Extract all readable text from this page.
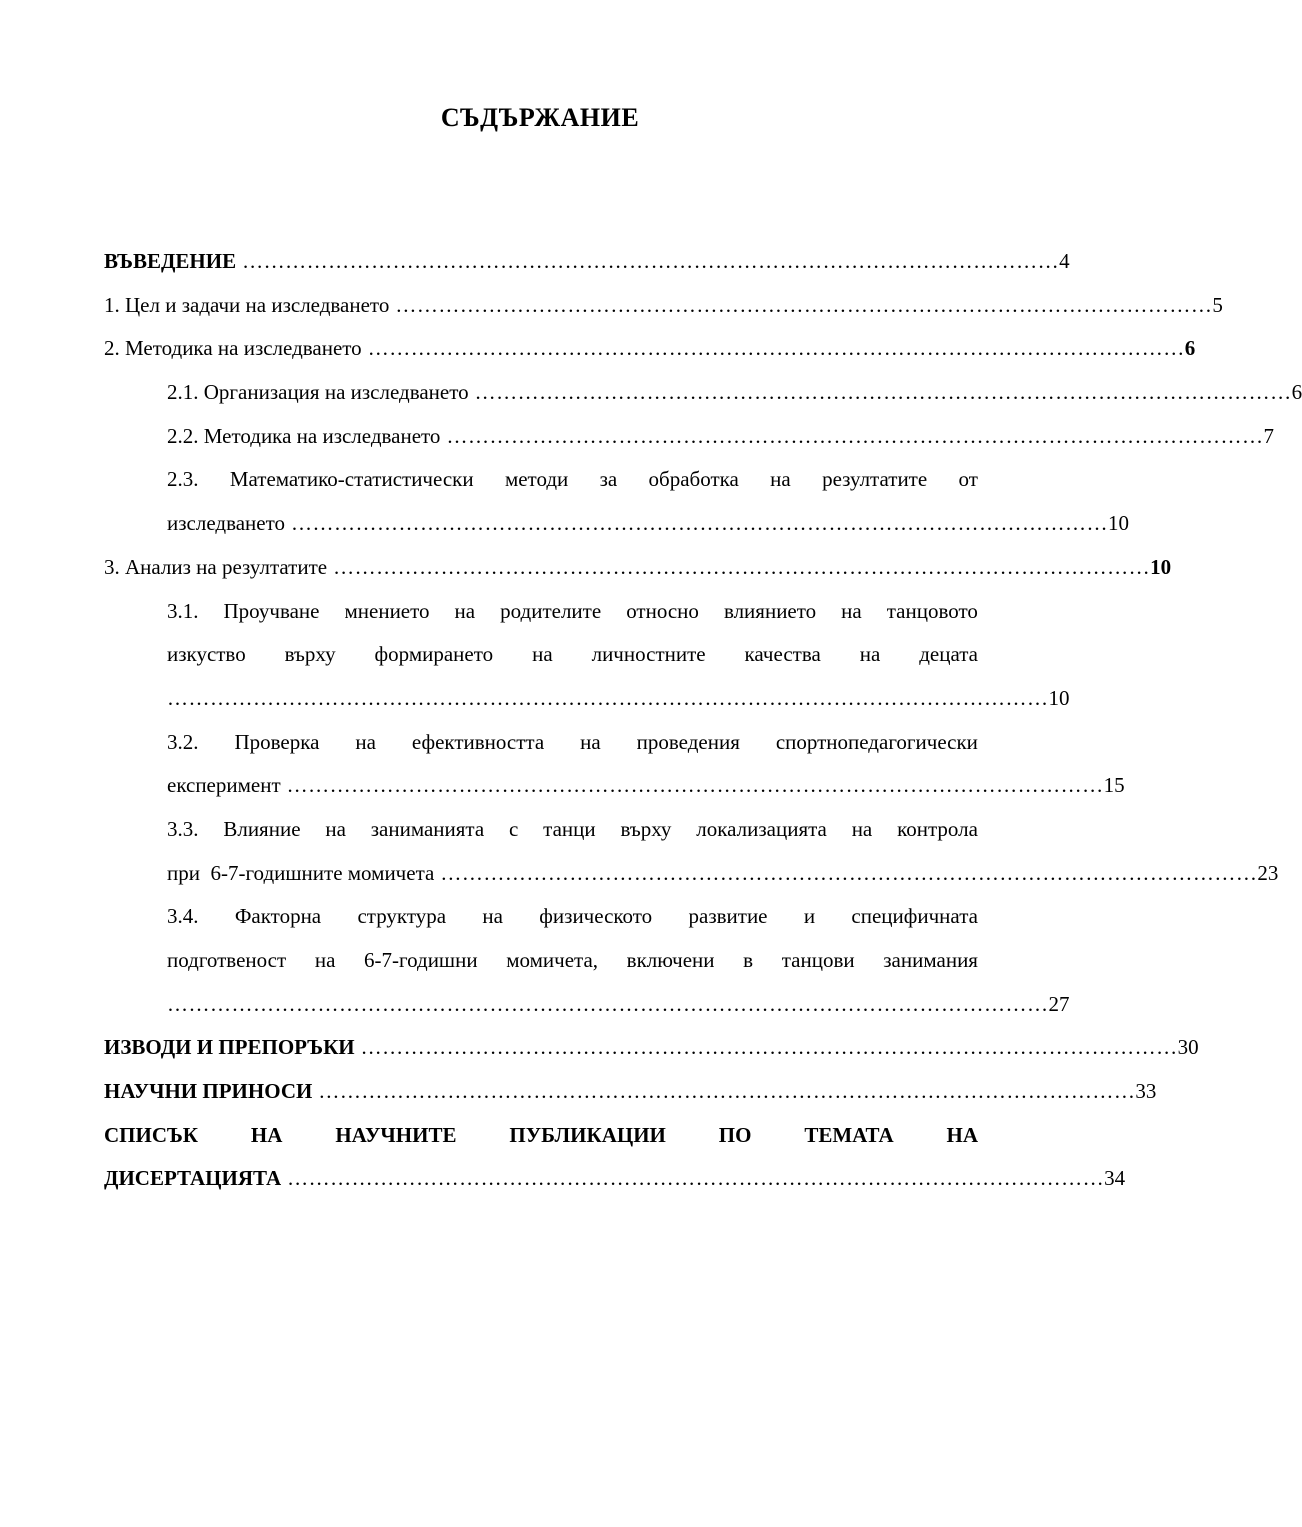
СЪДЪРЖАНИЕ
ВЪВЕДЕНИЕ …………………………………………………………………………………………………… 4
1. Цел и задачи на изследването …………………………………………………………………………………………………… 5
2. Методика на изследването …………………………………………………………………………………………………… 6
2.1. Организация на изследването …………………………………………………………………………………………………… 6
2.2. Методика на изследването …………………………………………………………………………………………………… 7
2.3. Математико-статистически методи за обработка на резултатите от
изследването …………………………………………………………………………………………………… 10
3. Анализ на резултатите …………………………………………………………………………………………………… 10
3.1. Проучване мнението на родителите относно влиянието на танцовото
изкуство върху формирането на личностните качества на децата
…………………………………………………………………………………………………………… 10
3.2. Проверка на ефективността на проведения спортнопедагогически
експеримент …………………………………………………………………………………………………… 15
3.3. Влияние на заниманията с танци върху локализацията на контрола
при  6-7-годишните момичета …………………………………………………………………………………………………… 23
3.4. Факторна структура на физическото развитие и специфичната
подготвеност на 6-7-годишни момичета, включени в танцови занимания
…………………………………………………………………………………………………………… 27
ИЗВОДИ И ПРЕПОРЪКИ …………………………………………………………………………………………………… 30
НАУЧНИ ПРИНОСИ …………………………………………………………………………………………………… 33
СПИСЪК	НА	НАУЧНИТЕ	ПУБЛИКАЦИИ	ПО	ТЕМАТА	НА
ДИСЕРТАЦИЯТА …………………………………………………………………………………………………… 34
